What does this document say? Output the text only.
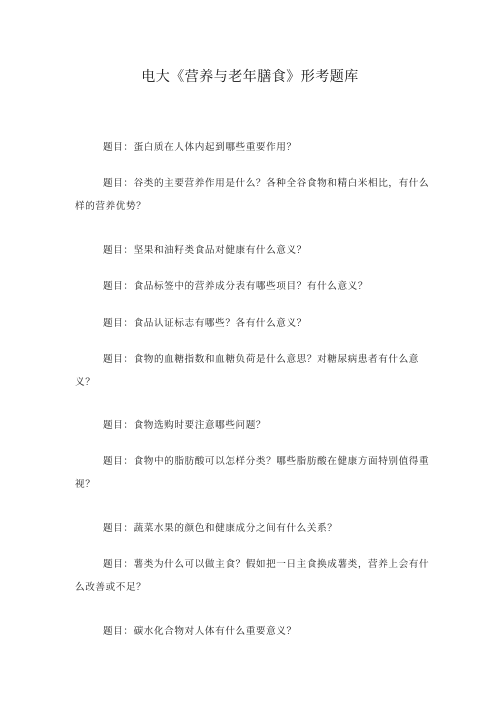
电大《营养与老年膳食》形考题库

题目：蛋白质在人体内起到哪些重要作用？

题目：谷类的主要营养作用是什么？各种全谷食物和精白米相比，有什么样的营养优势？

题目：坚果和油籽类食品对健康有什么意义？

题目：食品标签中的营养成分表有哪些项目？有什么意义？

题目：食品认证标志有哪些？各有什么意义？

题目：食物的血糖指数和血糖负荷是什么意思？对糖尿病患者有什么意义？

题目：食物选购时要注意哪些问题？

题目：食物中的脂肪酸可以怎样分类？哪些脂肪酸在健康方面特别值得重视？

题目：蔬菜水果的颜色和健康成分之间有什么关系？

题目：薯类为什么可以做主食？假如把一日主食换成薯类，营养上会有什么改善或不足？

题目：碳水化合物对人体有什么重要意义？
